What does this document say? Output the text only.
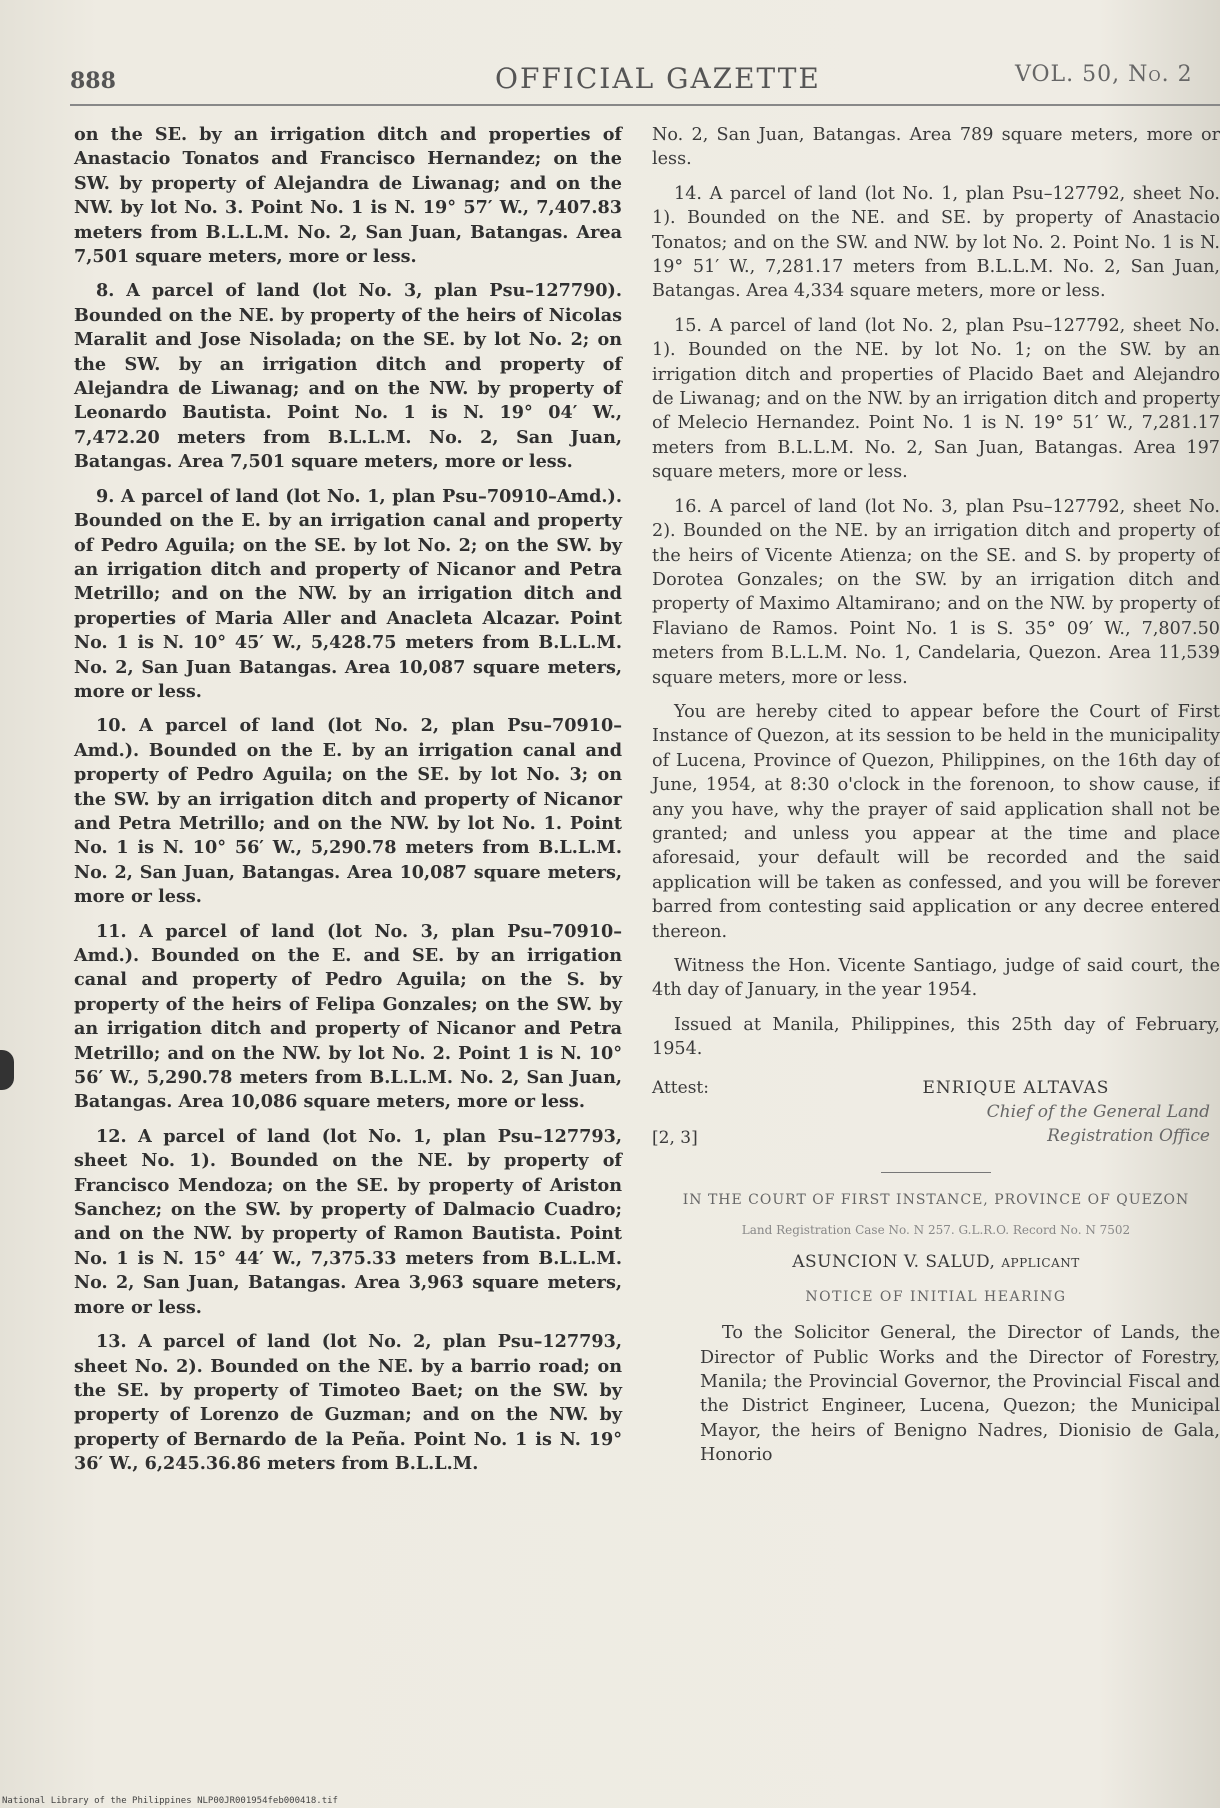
888	OFFICIAL GAZETTE	VOL. 50, No. 2

on the SE. by an irrigation ditch and properties of Anastacio Tonatos and Francisco Hernandez; on the SW. by property of Alejandra de Liwanag; and on the NW. by lot No. 3. Point No. 1 is N. 19° 57′ W., 7,407.83 meters from B.L.L.M. No. 2, San Juan, Batangas. Area 7,501 square meters, more or less.

8. A parcel of land (lot No. 3, plan Psu–127790). Bounded on the NE. by property of the heirs of Nicolas Maralit and Jose Nisolada; on the SE. by lot No. 2; on the SW. by an irrigation ditch and property of Alejandra de Liwanag; and on the NW. by property of Leonardo Bautista. Point No. 1 is N. 19° 04′ W., 7,472.20 meters from B.L.L.M. No. 2, San Juan, Batangas. Area 7,501 square meters, more or less.

9. A parcel of land (lot No. 1, plan Psu–70910–Amd.). Bounded on the E. by an irrigation canal and property of Pedro Aguila; on the SE. by lot No. 2; on the SW. by an irrigation ditch and property of Nicanor and Petra Metrillo; and on the NW. by an irrigation ditch and properties of Maria Aller and Anacleta Alcazar. Point No. 1 is N. 10° 45′ W., 5,428.75 meters from B.L.L.M. No. 2, San Juan Batangas. Area 10,087 square meters, more or less.

10. A parcel of land (lot No. 2, plan Psu–70910–Amd.). Bounded on the E. by an irrigation canal and property of Pedro Aguila; on the SE. by lot No. 3; on the SW. by an irrigation ditch and property of Nicanor and Petra Metrillo; and on the NW. by lot No. 1. Point No. 1 is N. 10° 56′ W., 5,290.78 meters from B.L.L.M. No. 2, San Juan, Batangas. Area 10,087 square meters, more or less.

11. A parcel of land (lot No. 3, plan Psu–70910–Amd.). Bounded on the E. and SE. by an irrigation canal and property of Pedro Aguila; on the S. by property of the heirs of Felipa Gonzales; on the SW. by an irrigation ditch and property of Nicanor and Petra Metrillo; and on the NW. by lot No. 2. Point 1 is N. 10° 56′ W., 5,290.78 meters from B.L.L.M. No. 2, San Juan, Batangas. Area 10,086 square meters, more or less.

12. A parcel of land (lot No. 1, plan Psu–127793, sheet No. 1). Bounded on the NE. by property of Francisco Mendoza; on the SE. by property of Ariston Sanchez; on the SW. by property of Dalmacio Cuadro; and on the NW. by property of Ramon Bautista. Point No. 1 is N. 15° 44′ W., 7,375.33 meters from B.L.L.M. No. 2, San Juan, Batangas. Area 3,963 square meters, more or less.

13. A parcel of land (lot No. 2, plan Psu–127793, sheet No. 2). Bounded on the NE. by a barrio road; on the SE. by property of Timoteo Baet; on the SW. by property of Lorenzo de Guzman; and on the NW. by property of Bernardo de la Peña. Point No. 1 is N. 19° 36′ W., 6,245.36.86 meters from B.L.L.M.

No. 2, San Juan, Batangas. Area 789 square meters, more or less.

14. A parcel of land (lot No. 1, plan Psu–127792, sheet No. 1). Bounded on the NE. and SE. by property of Anastacio Tonatos; and on the SW. and NW. by lot No. 2. Point No. 1 is N. 19° 51′ W., 7,281.17 meters from B.L.L.M. No. 2, San Juan, Batangas. Area 4,334 square meters, more or less.

15. A parcel of land (lot No. 2, plan Psu–127792, sheet No. 1). Bounded on the NE. by lot No. 1; on the SW. by an irrigation ditch and properties of Placido Baet and Alejandro de Liwanag; and on the NW. by an irrigation ditch and property of Melecio Hernandez. Point No. 1 is N. 19° 51′ W., 7,281.17 meters from B.L.L.M. No. 2, San Juan, Batangas. Area 197 square meters, more or less.

16. A parcel of land (lot No. 3, plan Psu–127792, sheet No. 2). Bounded on the NE. by an irrigation ditch and property of the heirs of Vicente Atienza; on the SE. and S. by property of Dorotea Gonzales; on the SW. by an irrigation ditch and property of Maximo Altamirano; and on the NW. by property of Flaviano de Ramos. Point No. 1 is S. 35° 09′ W., 7,807.50 meters from B.L.L.M. No. 1, Candelaria, Quezon. Area 11,539 square meters, more or less.

You are hereby cited to appear before the Court of First Instance of Quezon, at its session to be held in the municipality of Lucena, Province of Quezon, Philippines, on the 16th day of June, 1954, at 8:30 o'clock in the forenoon, to show cause, if any you have, why the prayer of said application shall not be granted; and unless you appear at the time and place aforesaid, your default will be recorded and the said application will be taken as confessed, and you will be forever barred from contesting said application or any decree entered thereon.

Witness the Hon. Vicente Santiago, judge of said court, the 4th day of January, in the year 1954.

Issued at Manila, Philippines, this 25th day of February, 1954.

Attest:
[2, 3]
ENRIQUE ALTAVAS
Chief of the General Land
Registration Office
IN THE COURT OF FIRST INSTANCE, PROVINCE OF QUEZON
Land Registration Case No. N 257. G.L.R.O. Record No. N 7502
ASUNCION V. SALUD, applicant
NOTICE OF INITIAL HEARING

To the Solicitor General, the Director of Lands, the Director of Public Works and the Director of Forestry, Manila; the Provincial Governor, the Provincial Fiscal and the District Engineer, Lucena, Quezon; the Municipal Mayor, the heirs of Benigno Nadres, Dionisio de Gala, Honorio

National Library of the Philippines NLP00JR001954feb000418.tif
